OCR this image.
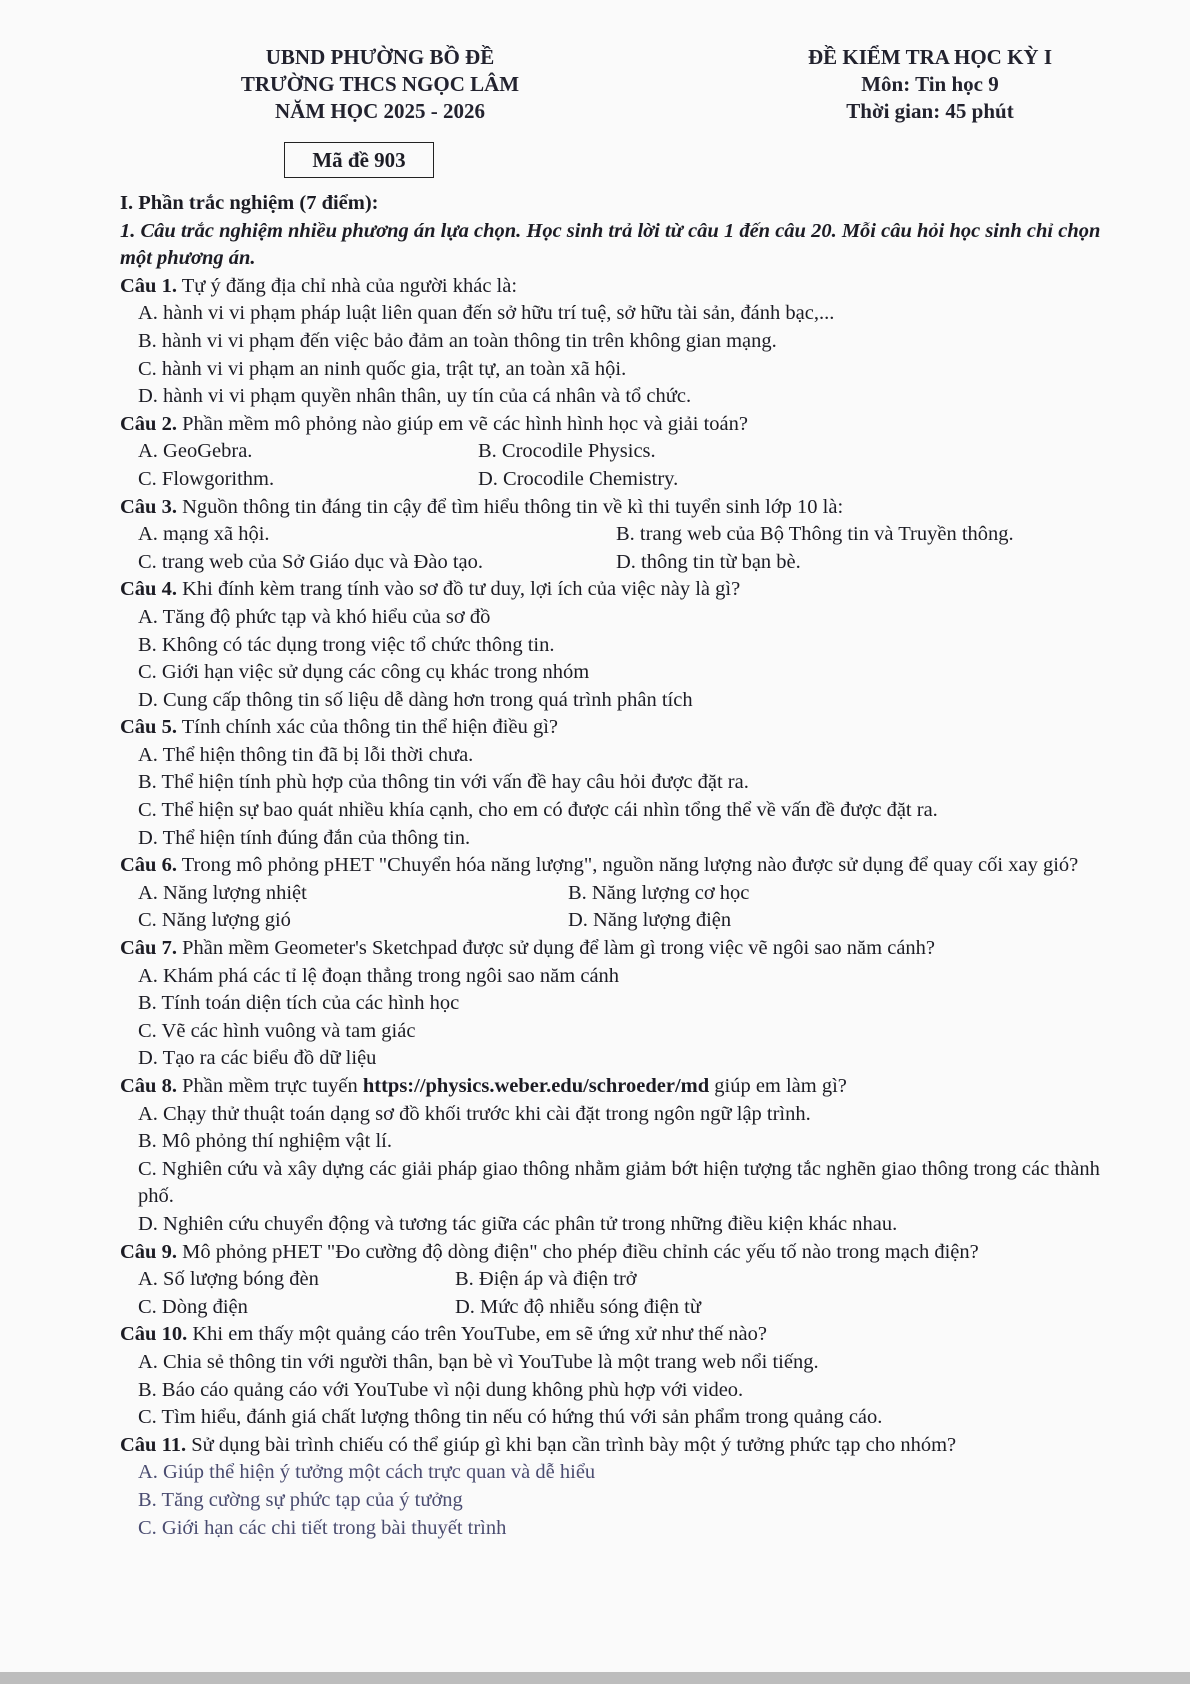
UBND PHƯỜNG BỒ ĐỀ
TRƯỜNG THCS NGỌC LÂM
NĂM HỌC 2025 - 2026
ĐỀ KIỂM TRA HỌC KỲ I
Môn: Tin học 9
Thời gian: 45 phút
Mã đề 903
I. Phần trắc nghiệm (7 điểm):
1. Câu trắc nghiệm nhiều phương án lựa chọn. Học sinh trả lời từ câu 1 đến câu 20. Mỗi câu hỏi học sinh chỉ chọn một phương án.
Câu 1. Tự ý đăng địa chỉ nhà của người khác là:
A. hành vi vi phạm pháp luật liên quan đến sở hữu trí tuệ, sở hữu tài sản, đánh bạc,...
B. hành vi vi phạm đến việc bảo đảm an toàn thông tin trên không gian mạng.
C. hành vi vi phạm an ninh quốc gia, trật tự, an toàn xã hội.
D. hành vi vi phạm quyền nhân thân, uy tín của cá nhân và tổ chức.
Câu 2. Phần mềm mô phỏng nào giúp em vẽ các hình hình học và giải toán?
A. GeoGebra.	B. Crocodile Physics.
C. Flowgorithm.	D. Crocodile Chemistry.
Câu 3. Nguồn thông tin đáng tin cậy để tìm hiểu thông tin về kì thi tuyển sinh lớp 10 là:
A. mạng xã hội.	B. trang web của Bộ Thông tin và Truyền thông.
C. trang web của Sở Giáo dục và Đào tạo.	D. thông tin từ bạn bè.
Câu 4. Khi đính kèm trang tính vào sơ đồ tư duy, lợi ích của việc này là gì?
A. Tăng độ phức tạp và khó hiểu của sơ đồ
B. Không có tác dụng trong việc tổ chức thông tin.
C. Giới hạn việc sử dụng các công cụ khác trong nhóm
D. Cung cấp thông tin số liệu dễ dàng hơn trong quá trình phân tích
Câu 5. Tính chính xác của thông tin thể hiện điều gì?
A. Thể hiện thông tin đã bị lỗi thời chưa.
B. Thể hiện tính phù hợp của thông tin với vấn đề hay câu hỏi được đặt ra.
C. Thể hiện sự bao quát nhiều khía cạnh, cho em có được cái nhìn tổng thể về vấn đề được đặt ra.
D. Thể hiện tính đúng đắn của thông tin.
Câu 6. Trong mô phỏng pHET "Chuyển hóa năng lượng", nguồn năng lượng nào được sử dụng để quay cối xay gió?
A. Năng lượng nhiệt	B. Năng lượng cơ học
C. Năng lượng gió	D. Năng lượng điện
Câu 7. Phần mềm Geometer's Sketchpad được sử dụng để làm gì trong việc vẽ ngôi sao năm cánh?
A. Khám phá các tỉ lệ đoạn thẳng trong ngôi sao năm cánh
B. Tính toán diện tích của các hình học
C. Vẽ các hình vuông và tam giác
D. Tạo ra các biểu đồ dữ liệu
Câu 8. Phần mềm trực tuyến https://physics.weber.edu/schroeder/md giúp em làm gì?
A. Chạy thử thuật toán dạng sơ đồ khối trước khi cài đặt trong ngôn ngữ lập trình.
B. Mô phỏng thí nghiệm vật lí.
C. Nghiên cứu và xây dựng các giải pháp giao thông nhằm giảm bớt hiện tượng tắc nghẽn giao thông trong các thành phố.
D. Nghiên cứu chuyển động và tương tác giữa các phân tử trong những điều kiện khác nhau.
Câu 9. Mô phỏng pHET "Đo cường độ dòng điện" cho phép điều chỉnh các yếu tố nào trong mạch điện?
A. Số lượng bóng đèn	B. Điện áp và điện trở
C. Dòng điện	D. Mức độ nhiễu sóng điện từ
Câu 10. Khi em thấy một quảng cáo trên YouTube, em sẽ ứng xử như thế nào?
A. Chia sẻ thông tin với người thân, bạn bè vì YouTube là một trang web nổi tiếng.
B. Báo cáo quảng cáo với YouTube vì nội dung không phù hợp với video.
C. Tìm hiểu, đánh giá chất lượng thông tin nếu có hứng thú với sản phẩm trong quảng cáo.
Câu 11. Sử dụng bài trình chiếu có thể giúp gì khi bạn cần trình bày một ý tưởng phức tạp cho nhóm?
A. Giúp thể hiện ý tưởng một cách trực quan và dễ hiểu
B. Tăng cường sự phức tạp của ý tưởng
C. Giới hạn các chi tiết trong bài thuyết trình
